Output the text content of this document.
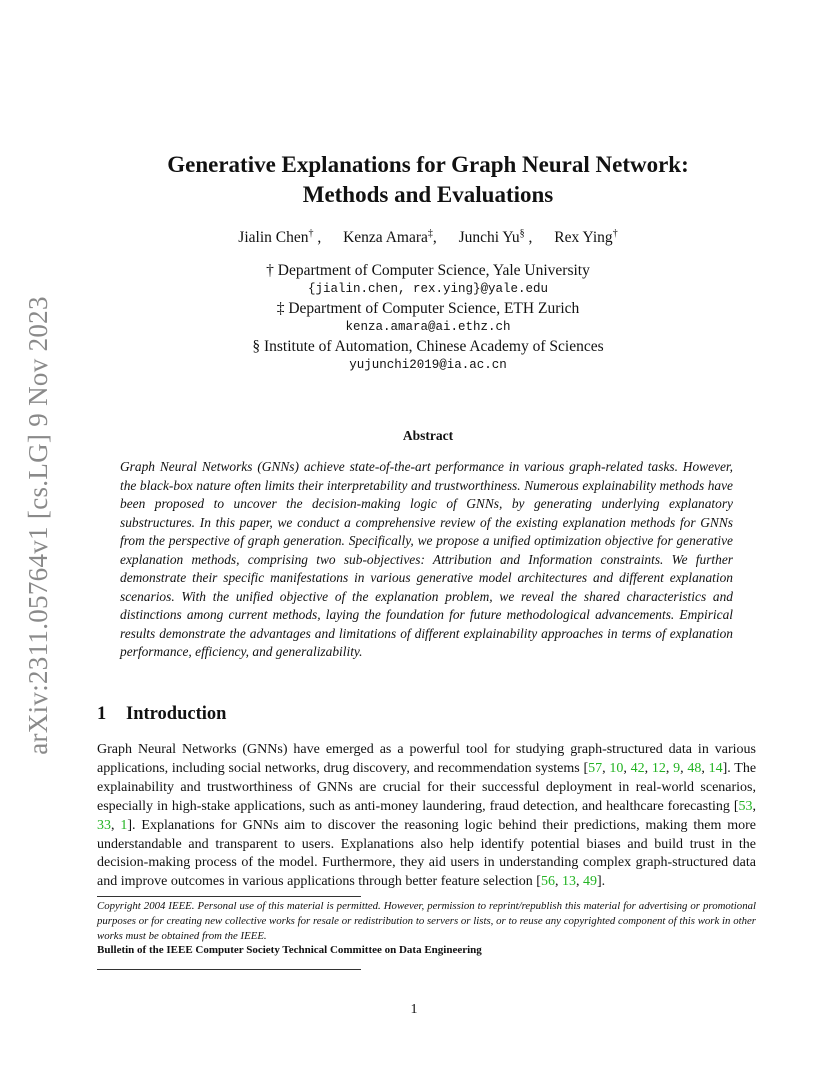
arXiv:2311.05764v1 [cs.LG] 9 Nov 2023
Generative Explanations for Graph Neural Network:
Methods and Evaluations
Jialin Chen† , Kenza Amara‡, Junchi Yu§ , Rex Ying†
† Department of Computer Science, Yale University
{jialin.chen, rex.ying}@yale.edu
‡ Department of Computer Science, ETH Zurich
kenza.amara@ai.ethz.ch
§ Institute of Automation, Chinese Academy of Sciences
yujunchi2019@ia.ac.cn
Abstract

Graph Neural Networks (GNNs) achieve state-of-the-art performance in various graph-related tasks. However, the black-box nature often limits their interpretability and trustworthiness. Numerous explainability methods have been proposed to uncover the decision-making logic of GNNs, by generating underlying explanatory substructures. In this paper, we conduct a comprehensive review of the existing explanation methods for GNNs from the perspective of graph generation. Specifically, we propose a unified optimization objective for generative explanation methods, comprising two sub-objectives: Attribution and Information constraints. We further demonstrate their specific manifestations in various generative model architectures and different explanation scenarios. With the unified objective of the explanation problem, we reveal the shared characteristics and distinctions among current methods, laying the foundation for future methodological advancements. Empirical results demonstrate the advantages and limitations of different explainability approaches in terms of explanation performance, efficiency, and generalizability.

1 Introduction

Graph Neural Networks (GNNs) have emerged as a powerful tool for studying graph-structured data in various applications, including social networks, drug discovery, and recommendation systems [57, 10, 42, 12, 9, 48, 14]. The explainability and trustworthiness of GNNs are crucial for their successful deployment in real-world scenarios, especially in high-stake applications, such as anti-money laundering, fraud detection, and healthcare forecasting [53, 33, 1]. Explanations for GNNs aim to discover the reasoning logic behind their predictions, making them more understandable and transparent to users. Explanations also help identify potential biases and build trust in the decision-making process of the model. Furthermore, they aid users in understanding complex graph-structured data and improve outcomes in various applications through better feature selection [56, 13, 49].

Copyright 2004 IEEE. Personal use of this material is permitted. However, permission to reprint/republish this material for advertising or promotional purposes or for creating new collective works for resale or redistribution to servers or lists, or to reuse any copyrighted component of this work in other works must be obtained from the IEEE.

Bulletin of the IEEE Computer Society Technical Committee on Data Engineering
1
